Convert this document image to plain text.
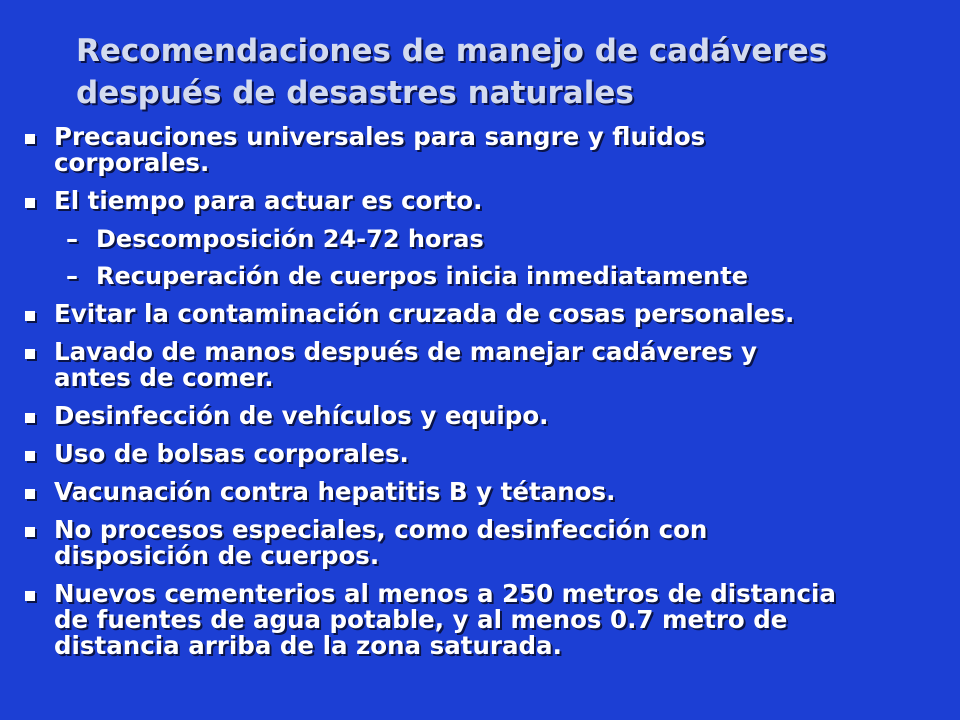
Recomendaciones de manejo de cadáveres
después de desastres naturales
Precauciones universales para sangre y fluidos
corporales.
El tiempo para actuar es corto.
– Descomposición 24-72 horas
– Recuperación de cuerpos inicia inmediatamente
Evitar la contaminación cruzada de cosas personales.
Lavado de manos después de manejar cadáveres y
antes de comer.
Desinfección de vehículos y equipo.
Uso de bolsas corporales.
Vacunación contra hepatitis B y tétanos.
No procesos especiales, como desinfección con
disposición de cuerpos.
Nuevos cementerios al menos a 250 metros de distancia
de fuentes de agua potable, y al menos 0.7 metro de
distancia arriba de la zona saturada.
